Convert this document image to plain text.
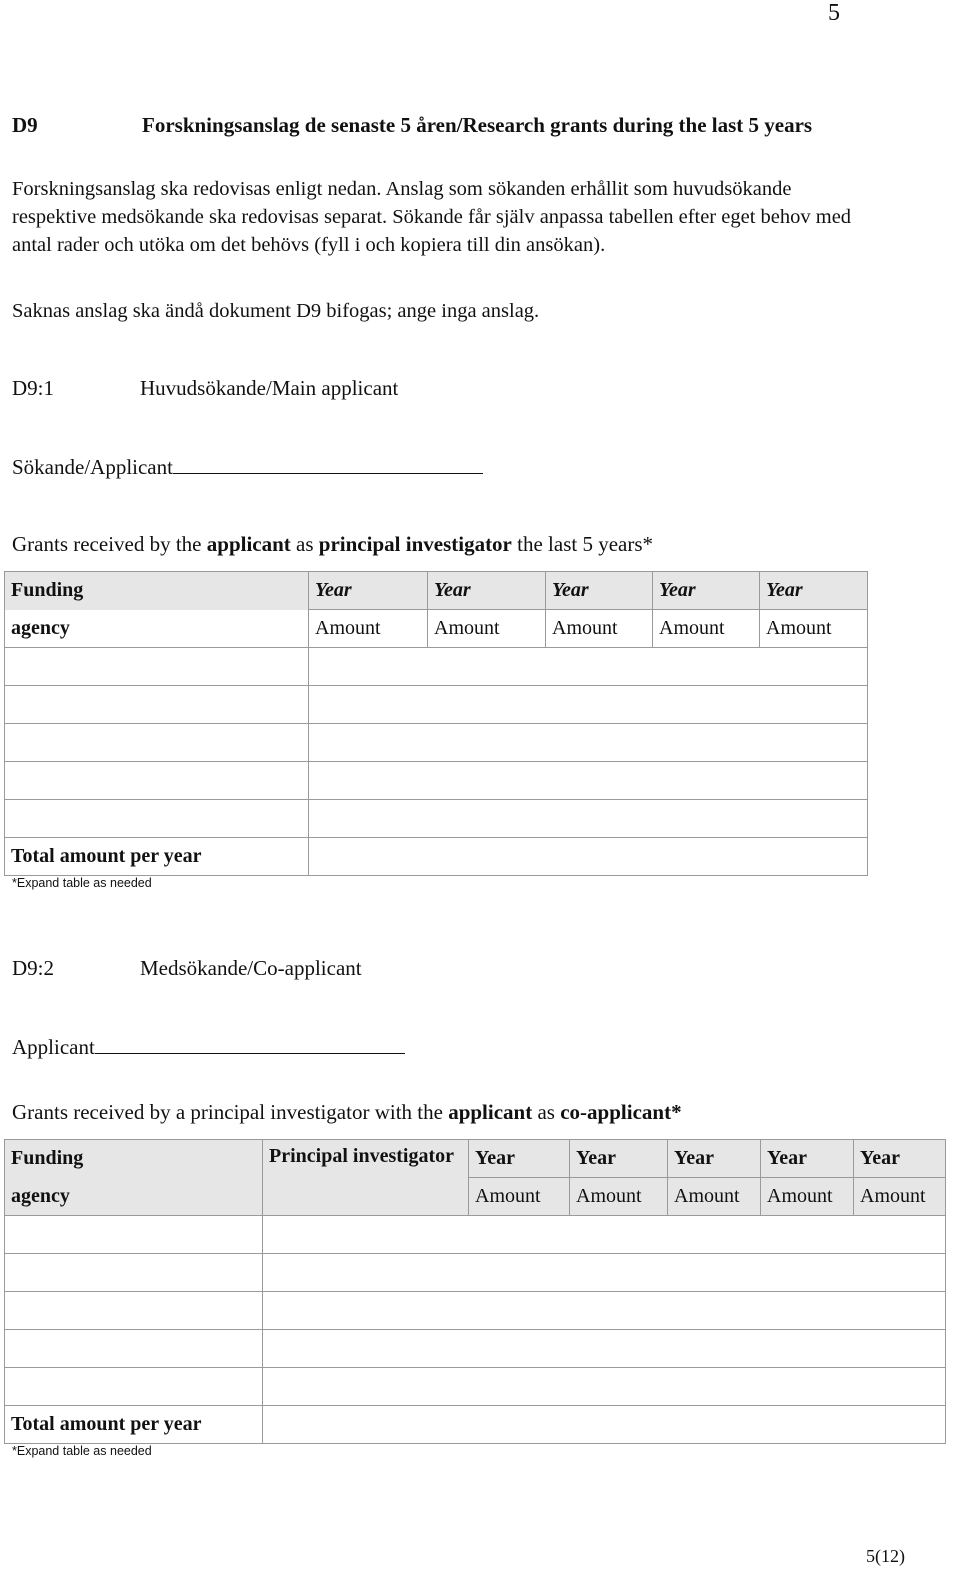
5
D9	Forskningsanslag de senaste 5 åren/Research grants during the last 5 years
Forskningsanslag ska redovisas enligt nedan. Anslag som sökanden erhållit som huvudsökande respektive medsökande ska redovisas separat. Sökande får själv anpassa tabellen efter eget behov med antal rader och utöka om det behövs (fyll i och kopiera till din ansökan).
Saknas anslag ska ändå dokument D9 bifogas; ange inga anslag.
D9:1	Huvudsökande/Main applicant
Sökande/Applicant
Grants received by the applicant as principal investigator the last 5 years*
Funding	Year	Year	Year	Year	Year
agency	Amount	Amount	Amount	Amount	Amount

Total amount per year					
*Expand table as needed
D9:2	Medsökande/Co-applicant
Applicant
Grants received by a principal investigator with the applicant as co-applicant*
Funding	Principal investigator	Year	Year	Year	Year	Year
agency		Amount	Amount	Amount	Amount	Amount

Total amount per year						
*Expand table as needed
5(12)
